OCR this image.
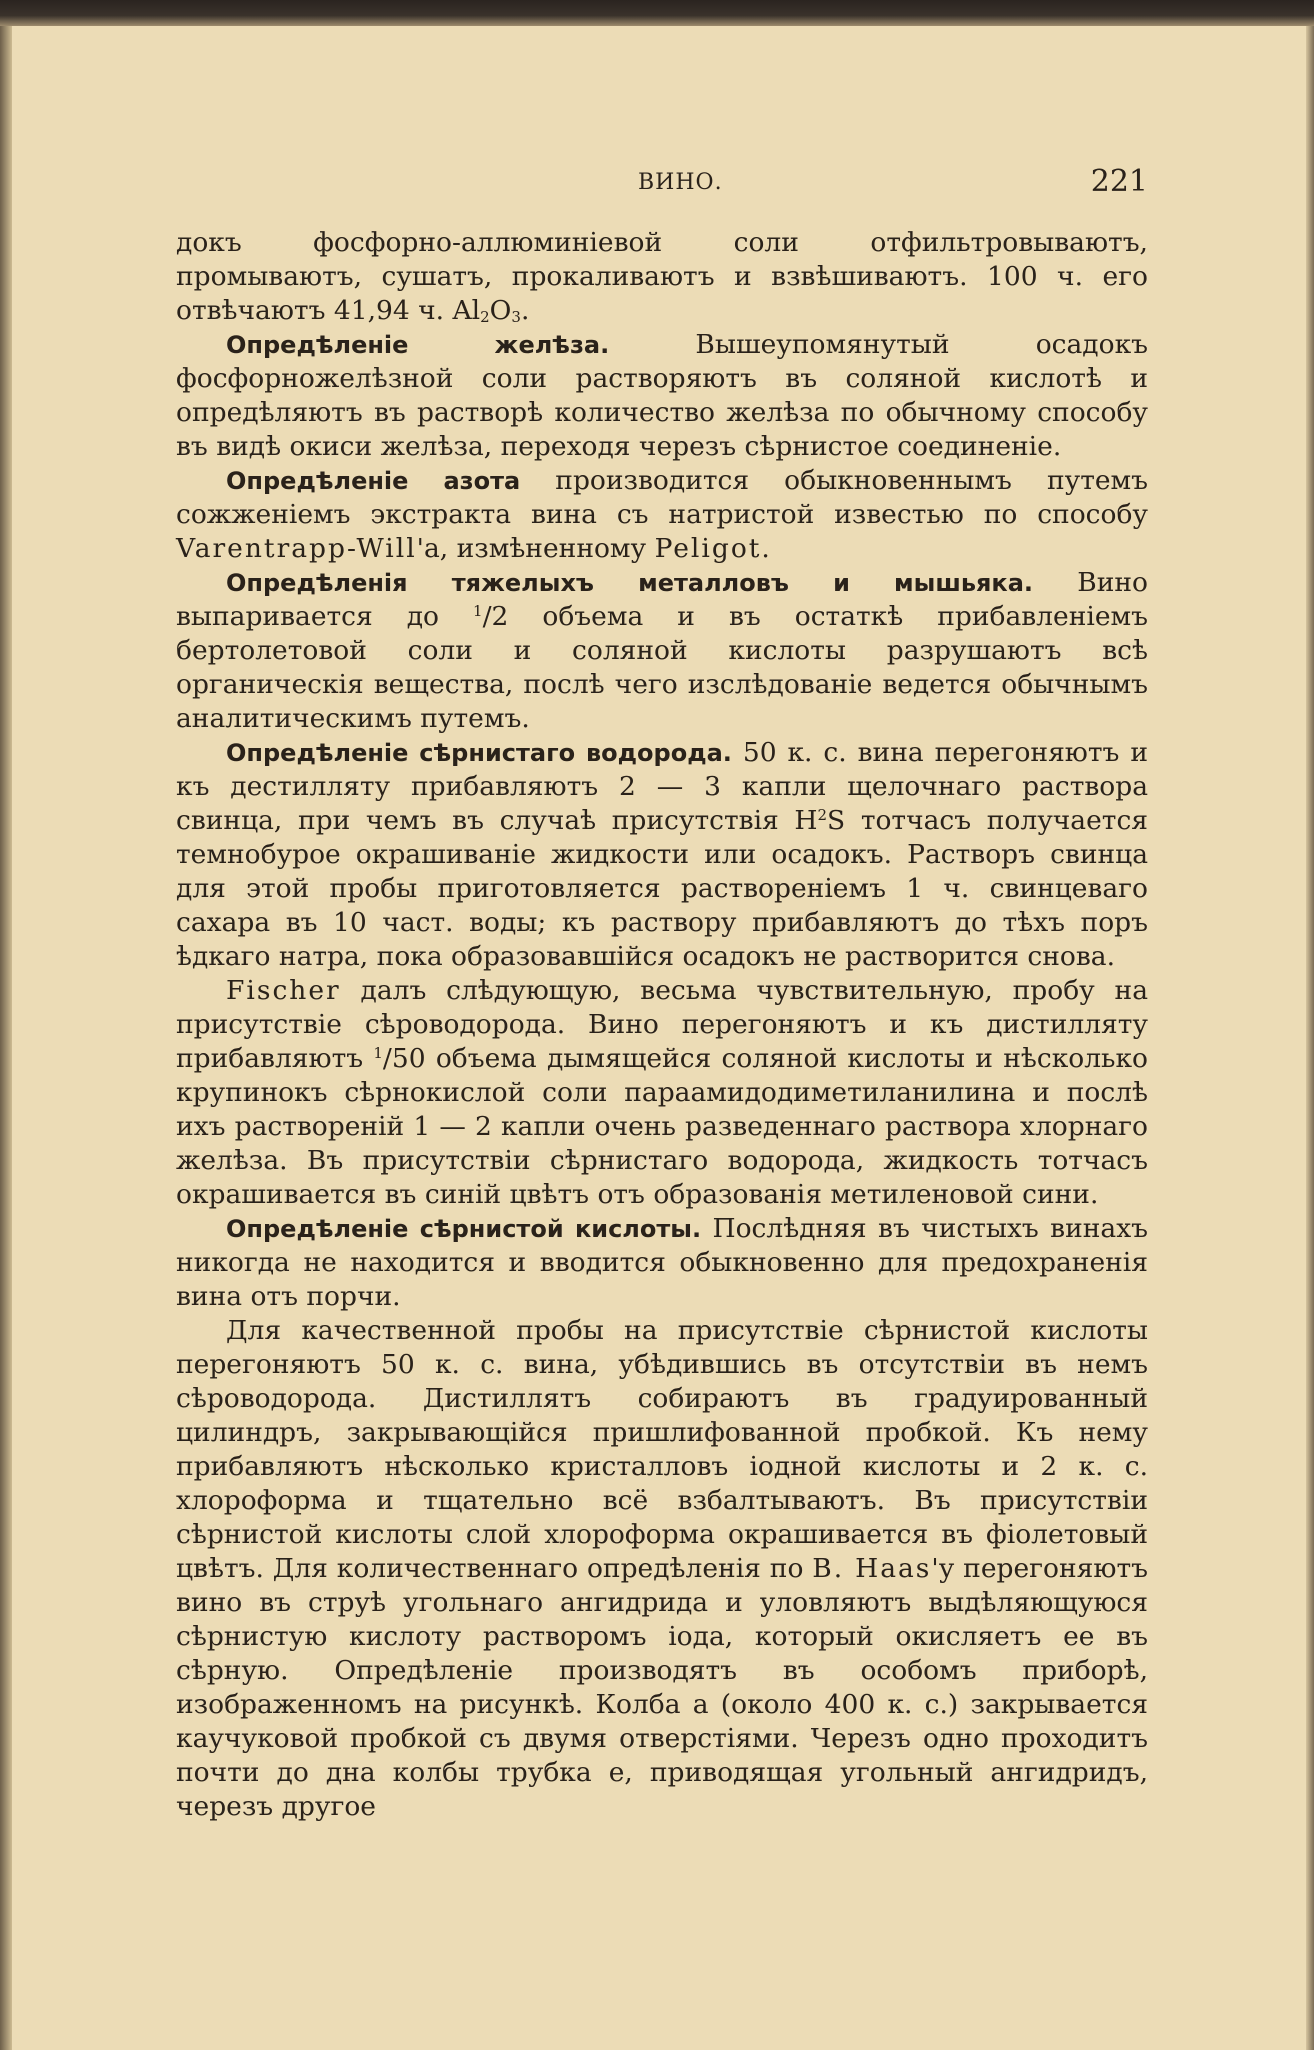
ВИНО.	221

докъ фосфорно-аллюминіевой соли отфильтровываютъ, промываютъ, сушатъ, прокаливаютъ и взвѣшиваютъ. 100 ч. его отвѣчаютъ 41,94 ч. $Al_2O_3$.

Опредѣленіе желѣза. Вышеупомянутый осадокъ фосфорножелѣзной соли растворяютъ въ соляной кислотѣ и опредѣляютъ въ растворѣ количество желѣза по обычному способу въ видѣ окиси желѣза, переходя черезъ сѣрнистое соединеніе.

Опредѣленіе азота производится обыкновеннымъ путемъ сожженіемъ экстракта вина съ натристой известью по способу Varentrapp-Will'а, измѣненному Peligot.

Опредѣленія тяжелыхъ металловъ и мышьяка. Вино выпаривается до $^1$/2 объема и въ остаткѣ прибавленіемъ бертолетовой соли и соляной кислоты разрушаютъ всѣ органическія вещества, послѣ чего изслѣдованіе ведется обычнымъ аналитическимъ путемъ.

Опредѣленіе сѣрнистаго водорода. 50 к. с. вина перегоняютъ и къ дестилляту прибавляютъ 2 — 3 капли щелочнаго раствора свинца, при чемъ въ случаѣ присутствія $H^2S$ тотчасъ получается темнобурое окрашиваніе жидкости или осадокъ. Растворъ свинца для этой пробы приготовляется раствореніемъ 1 ч. свинцеваго сахара въ 10 част. воды; къ раствору прибавляютъ до тѣхъ поръ ѣдкаго натра, пока образовавшійся осадокъ не растворится снова.

Fischer далъ слѣдующую, весьма чувствительную, пробу на присутствіе сѣроводорода. Вино перегоняютъ и къ дистилляту прибавляютъ $^1$/50 объема дымящейся соляной кислоты и нѣсколько крупинокъ сѣрнокислой соли параамидодиметиланилина и послѣ ихъ раствореній 1 — 2 капли очень разведеннаго раствора хлорнаго желѣза. Въ присутствіи сѣрнистаго водорода, жидкость тотчасъ окрашивается въ синій цвѣтъ отъ образованія метиленовой сини.

Опредѣленіе сѣрнистой кислоты. Послѣдняя въ чистыхъ винахъ никогда не находится и вводится обыкновенно для предохраненія вина отъ порчи.

Для качественной пробы на присутствіе сѣрнистой кислоты перегоняютъ 50 к. с. вина, убѣдившись въ отсутствіи въ немъ сѣроводорода. Дистиллятъ собираютъ въ градуированный цилиндръ, закрывающійся пришлифованной пробкой. Къ нему прибавляютъ нѣсколько кристалловъ іодной кислоты и 2 к. с. хлороформа и тщательно всё взбалтываютъ. Въ присутствіи сѣрнистой кислоты слой хлороформа окрашивается въ фіолетовый цвѣтъ. Для количественнаго опредѣленія по B. Haas'у перегоняютъ вино въ струѣ угольнаго ангидрида и уловляютъ выдѣляющуюся сѣрнистую кислоту растворомъ іода, который окисляетъ ее въ сѣрную. Опредѣленіе производятъ въ особомъ приборѣ, изображенномъ на рисункѣ. Колба а (около 400 к. с.) закрывается каучуковой пробкой съ двумя отверстіями. Черезъ одно проходитъ почти до дна колбы трубка е, приводящая угольный ангидридъ, черезъ другое
